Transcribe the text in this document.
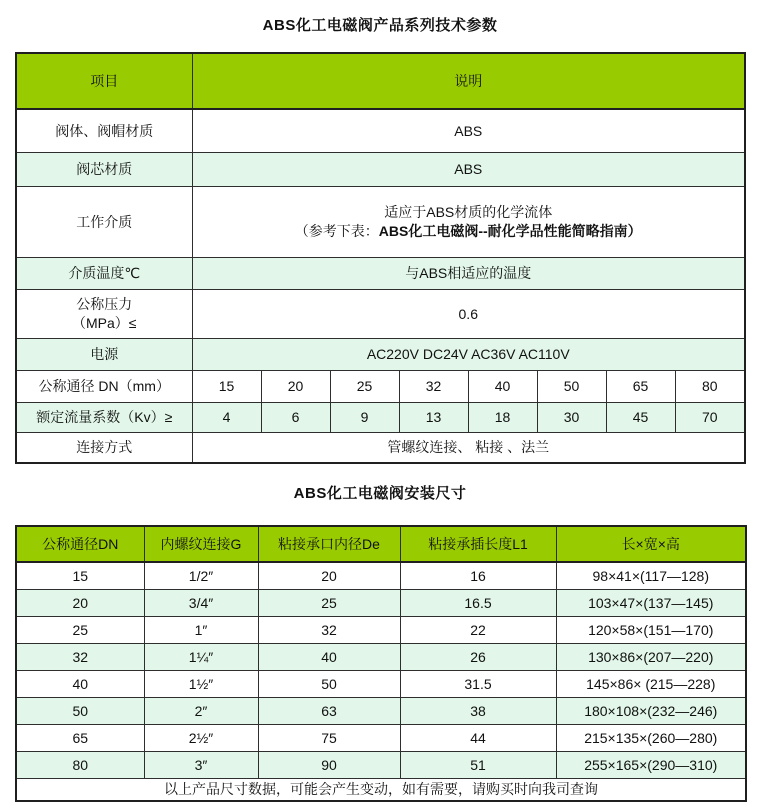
ABS化工电磁阀产品系列技术参数
项目	说明							
阀体、阀帽材质	ABS							
阀芯材质	ABS							
工作介质	适应于ABS材质的化学流体
（参考下表：ABS化工电磁阀--耐化学品性能简略指南）							

介质温度℃	与ABS相适应的温度							

公称压力
（MPa）≤	0.6							
电源	AC220V DC24V AC36V AC110V							
公称通径 DN（mm）	15	20	25	32	40	50	65	80
额定流量系数（Kv）≥	4	6	9	13	18	30	45	70
连接方式	管螺纹连接、 粘接 、法兰							
ABS化工电磁阀安装尺寸
公称通径DN	内螺纹连接G	粘接承口内径De	粘接承插长度L1	长×宽×高
15	1/2″	20	16	98×41×(117—128)
20	3/4″	25	16.5	103×47×(137—145)
25	1″	32	22	120×58×(151—170)
32	1¼″	40	26	130×86×(207—220)
40	1½″	50	31.5	145×86× (215—228)
50	2″	63	38	180×108×(232—246)
65	2½″	75	44	215×135×(260—280)
80	3″	90	51	255×165×(290—310)
以上产品尺寸数据，可能会产生变动，如有需要，请购买时向我司查询				
